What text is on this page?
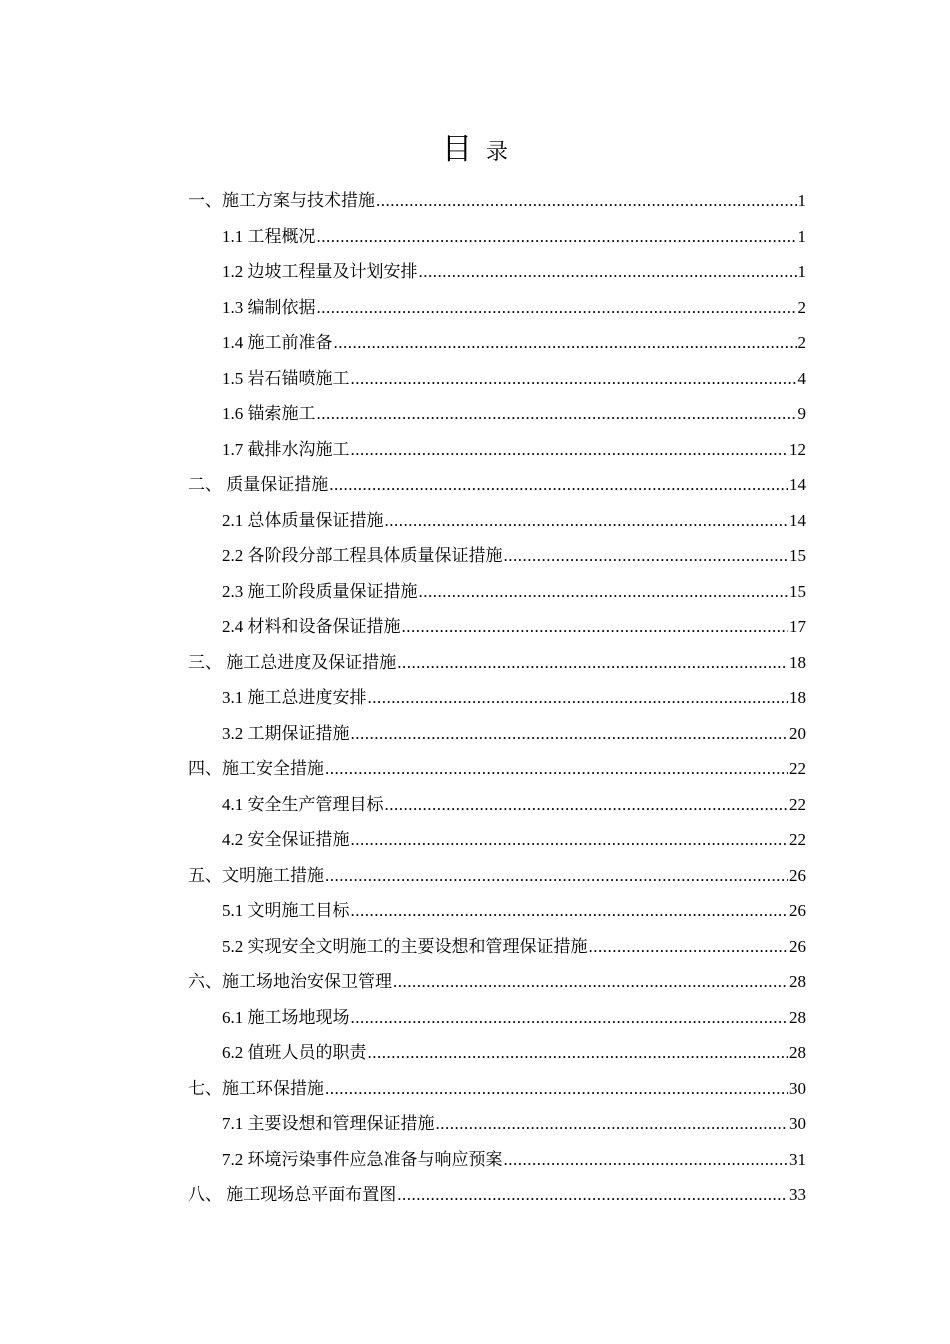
目 录
一、施工方案与技术措施 .....	1
1.1 工程概况 .....	1
1.2 边坡工程量及计划安排 .....	1
1.3 编制依据 .....	2
1.4 施工前准备 .....	2
1.5 岩石锚喷施工 .....	4
1.6 锚索施工 .....	9
1.7 截排水沟施工 .....	12
二、 质量保证措施 .....	14
2.1 总体质量保证措施 .....	14
2.2 各阶段分部工程具体质量保证措施 .....	15
2.3 施工阶段质量保证措施 .....	15
2.4 材料和设备保证措施 .....	17
三、 施工总进度及保证措施 .....	18
3.1 施工总进度安排 .....	18
3.2 工期保证措施 .....	20
四、施工安全措施 .....	22
4.1 安全生产管理目标 .....	22
4.2 安全保证措施 .....	22
五、文明施工措施 .....	26
5.1 文明施工目标 .....	26
5.2 实现安全文明施工的主要设想和管理保证措施 .....	26
六、施工场地治安保卫管理 .....	28
6.1 施工场地现场 .....	28
6.2 值班人员的职责 .....	28
七、施工环保措施 .....	30
7.1 主要设想和管理保证措施 .....	30
7.2 环境污染事件应急准备与响应预案 .....	31
八、 施工现场总平面布置图 .....	33
